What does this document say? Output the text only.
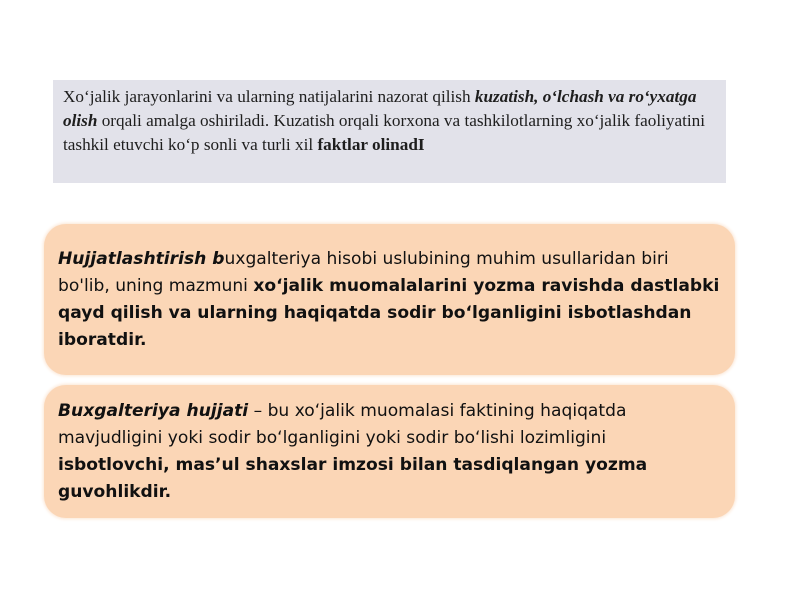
Xo‘jalik jarayonlarini va ularning natijalarini nazorat qilish kuzatish, o‘lchash va ro‘yxatga olish orqali amalga oshiriladi. Kuzatish orqali korxona va tashkilotlarning xo‘jalik faoliyatini tashkil etuvchi ko‘p sonli va turli xil faktlar olinadI
Hujjatlashtirish buxgalteriya hisobi uslubining muhim usullaridan biri bo'lib, uning mazmuni xo‘jalik muomalalarini yozma ravishda dastlabki qayd qilish va ularning haqiqatda sodir bo‘lganligini isbotlashdan iboratdir.
Buxgalteriya hujjati – bu xo‘jalik muomalasi faktining haqiqatda mavjudligini yoki sodir bo‘lganligini yoki sodir bo‘lishi lozimligini isbotlovchi, mas’ul shaxslar imzosi bilan tasdiqlangan yozma guvohlikdir.
